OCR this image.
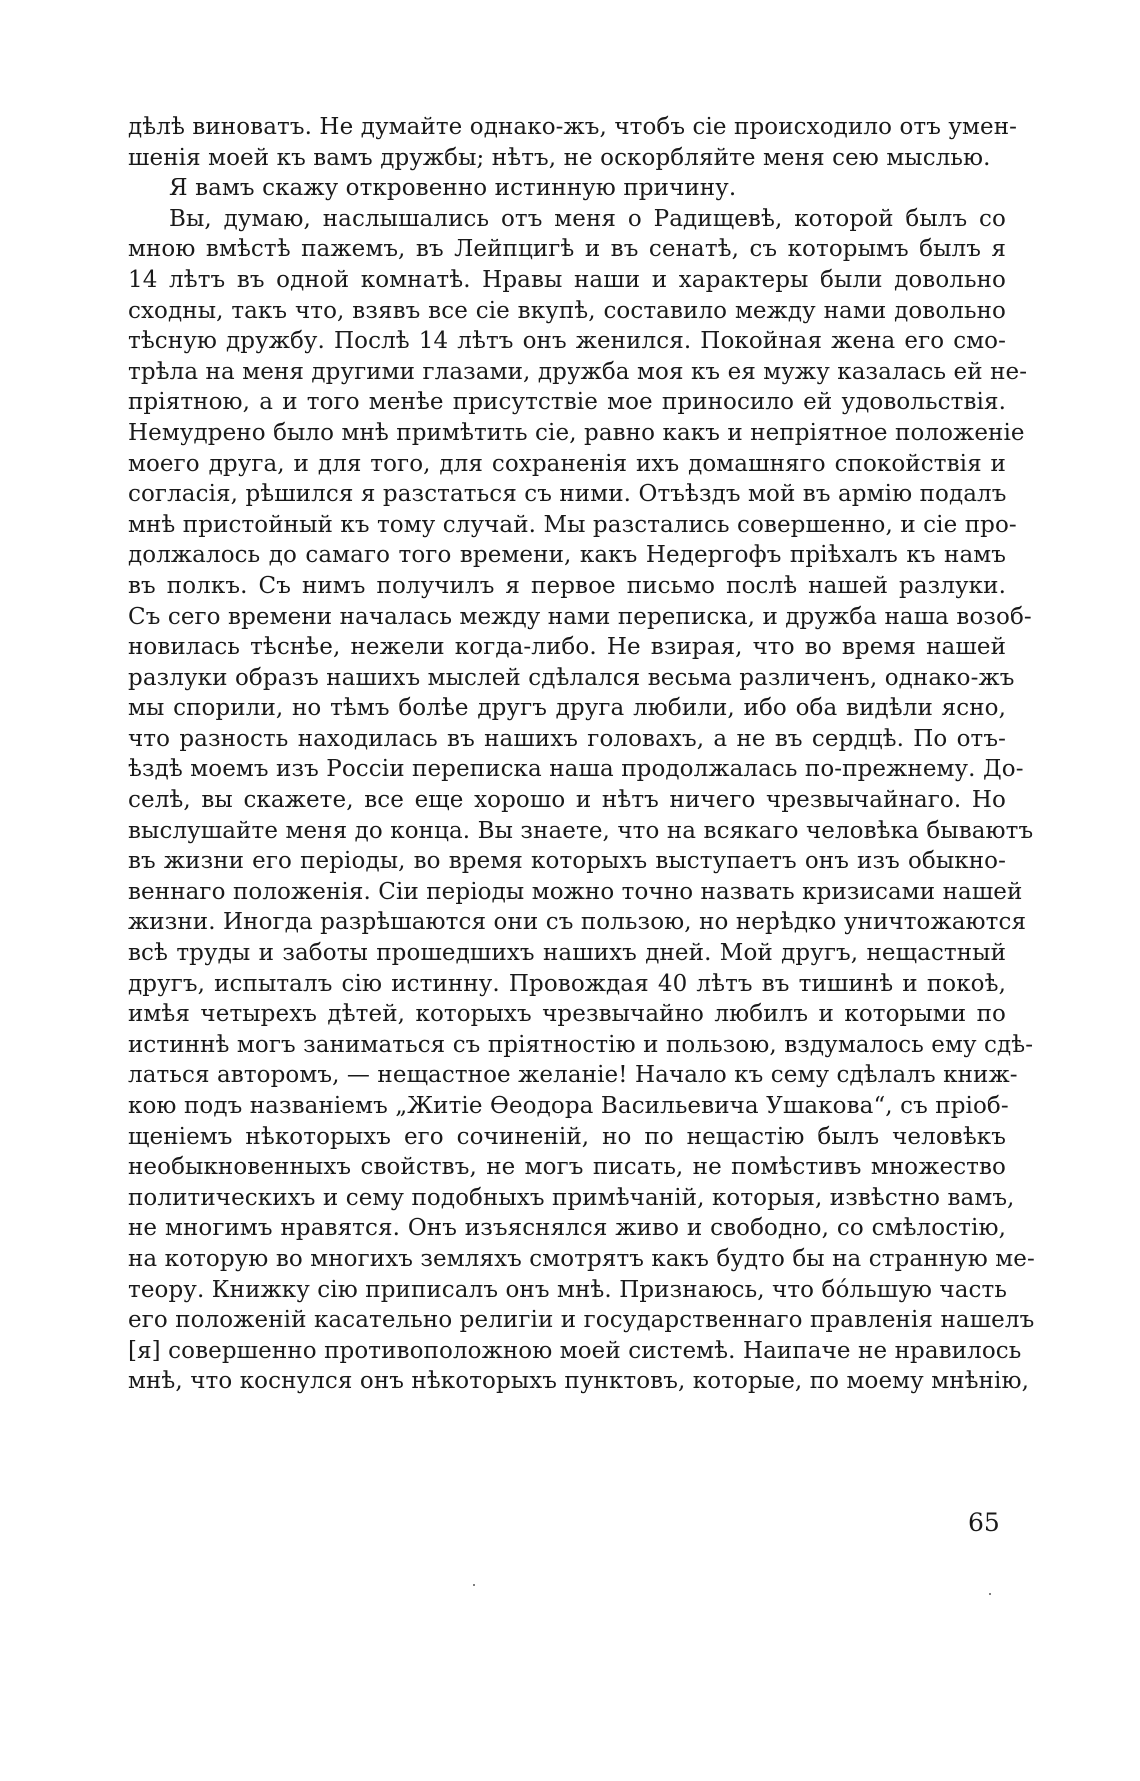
дѣлѣ виноватъ. Не думайте однако-жъ, чтобъ сіе происходило отъ умен-
шенія моей къ вамъ дружбы; нѣтъ, не оскорбляйте меня сею мыслью.
Я вамъ скажу откровенно истинную причину.
Вы, думаю, наслышались отъ меня о Радищевѣ, которой былъ со
мною вмѣстѣ пажемъ, въ Лейпцигѣ и въ сенатѣ, съ которымъ былъ я
14 лѣтъ въ одной комнатѣ. Нравы наши и характеры были довольно
сходны, такъ что, взявъ все сіе вкупѣ, составило между нами довольно
тѣсную дружбу. Послѣ 14 лѣтъ онъ женился. Покойная жена его смо-
трѣла на меня другими глазами, дружба моя къ ея мужу казалась ей не-
пріятною, а и того менѣе присутствіе мое приносило ей удовольствія.
Немудрено было мнѣ примѣтить сіе, равно какъ и непріятное положеніе
моего друга, и для того, для сохраненія ихъ домашняго спокойствія и
согласія, рѣшился я разстаться съ ними. Отъѣздъ мой въ армію подалъ
мнѣ пристойный къ тому случай. Мы разстались совершенно, и сіе про-
должалось до самаго того времени, какъ Недергофъ пріѣхалъ къ намъ
въ полкъ. Съ нимъ получилъ я первое письмо послѣ нашей разлуки.
Съ сего времени началась между нами переписка, и дружба наша возоб-
новилась тѣснѣе, нежели когда-либо. Не взирая, что во время нашей
разлуки образъ нашихъ мыслей сдѣлался весьма различенъ, однако-жъ
мы спорили, но тѣмъ болѣе другъ друга любили, ибо оба видѣли ясно,
что разность находилась въ нашихъ головахъ, а не въ сердцѣ. По отъ-
ѣздѣ моемъ изъ Россіи переписка наша продолжалась по-прежнему. До-
селѣ, вы скажете, все еще хорошо и нѣтъ ничего чрезвычайнаго. Но
выслушайте меня до конца. Вы знаете, что на всякаго человѣка бываютъ
въ жизни его періоды, во время которыхъ выступаетъ онъ изъ обыкно-
веннаго положенія. Сіи періоды можно точно назвать кризисами нашей
жизни. Иногда разрѣшаются они съ пользою, но нерѣдко уничтожаются
всѣ труды и заботы прошедшихъ нашихъ дней. Мой другъ, нещастный
другъ, испыталъ сію истинну. Провождая 40 лѣтъ въ тишинѣ и покоѣ,
имѣя четырехъ дѣтей, которыхъ чрезвычайно любилъ и которыми по
истиннѣ могъ заниматься съ пріятностію и пользою, вздумалось ему сдѣ-
латься авторомъ, — нещастное желаніе! Начало къ сему сдѣлалъ книж-
кою подъ названіемъ „Житіе Ѳеодора Васильевича Ушакова“, съ пріоб-
щеніемъ нѣкоторыхъ его сочиненій, но по нещастію былъ человѣкъ
необыкновенныхъ свойствъ, не могъ писать, не помѣстивъ множество
политическихъ и сему подобныхъ примѣчаній, которыя, извѣстно вамъ,
не многимъ нравятся. Онъ изъяснялся живо и свободно, со смѣлостію,
на которую во многихъ земляхъ смотрятъ какъ будто бы на странную ме-
теору. Книжку сію приписалъ онъ мнѣ. Признаюсь, что бо́льшую часть
его положеній касательно религіи и государственнаго правленія нашелъ
[я] совершенно противоположною моей системѣ. Наипаче не нравилось
мнѣ, что коснулся онъ нѣкоторыхъ пунктовъ, которые, по моему мнѣнію,
65
